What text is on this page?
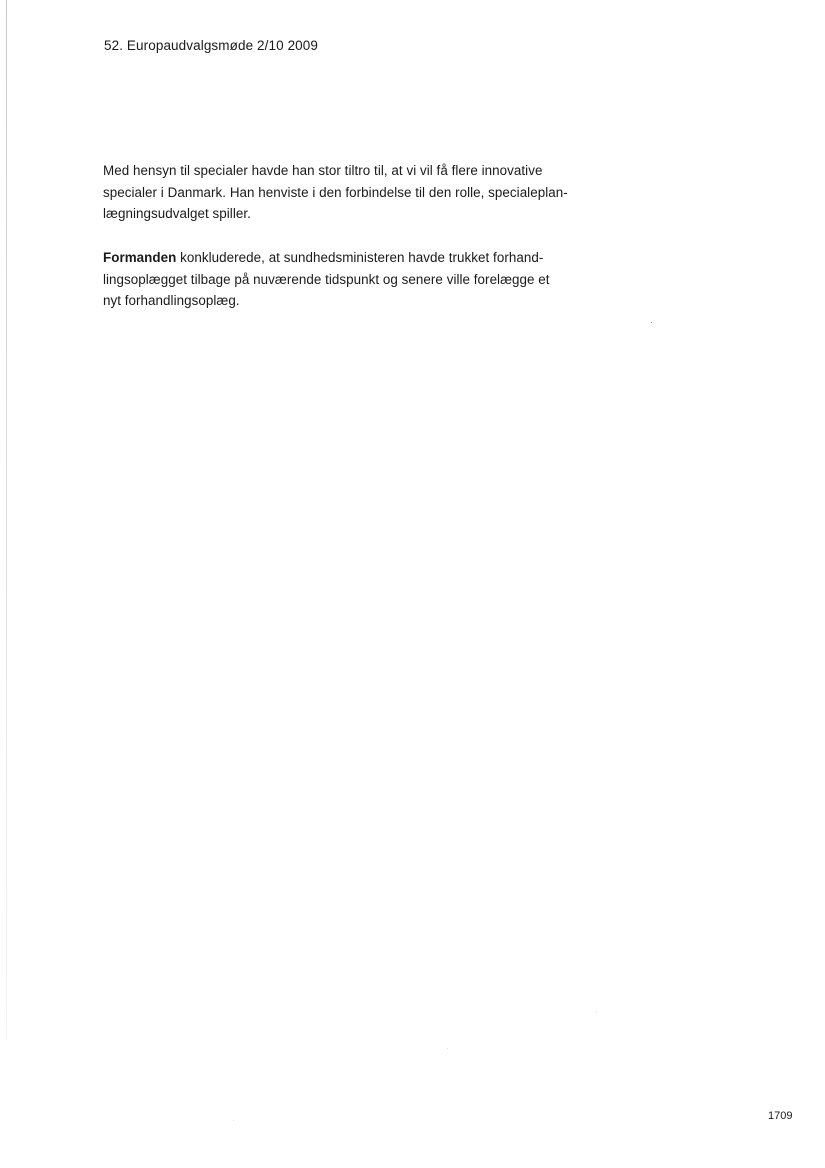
52. Europaudvalgsmøde 2/10 2009

Med hensyn til specialer havde han stor tiltro til, at vi vil få flere innovative
specialer i Danmark. Han henviste i den forbindelse til den rolle, specialeplan-
lægningsudvalget spiller.

Formanden konkluderede, at sundhedsministeren havde trukket forhand-
lingsoplægget tilbage på nuværende tidspunkt og senere ville forelægge et
nyt forhandlingsoplæg.

1709
